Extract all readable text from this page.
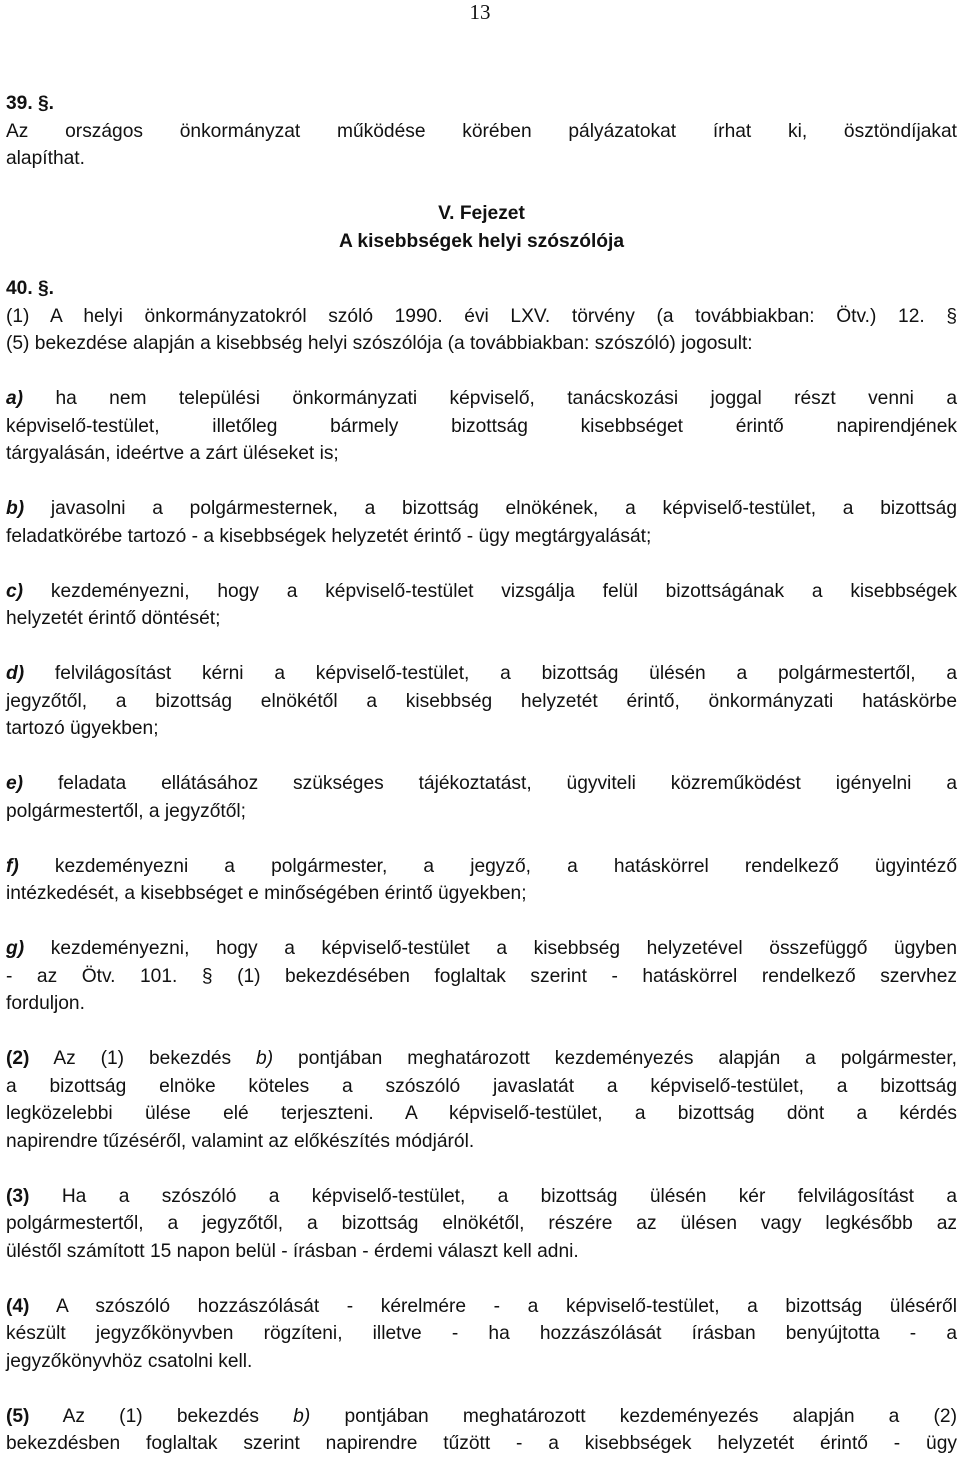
13
39. §.
Az országos önkormányzat működése körében pályázatokat írhat ki, ösztöndíjakat
alapíthat.
V. Fejezet
A kisebbségek helyi szószólója
40. §.
(1) A helyi önkormányzatokról szóló 1990. évi LXV. törvény (a továbbiakban: Ötv.) 12. §
(5) bekezdése alapján a kisebbség helyi szószólója (a továbbiakban: szószóló) jogosult:
a) ha nem települési önkormányzati képviselő, tanácskozási joggal részt venni a
képviselő-testület, illetőleg bármely bizottság kisebbséget érintő napirendjének
tárgyalásán, ideértve a zárt üléseket is;
b) javasolni a polgármesternek, a bizottság elnökének, a képviselő-testület, a bizottság
feladatkörébe tartozó - a kisebbségek helyzetét érintő - ügy megtárgyalását;
c) kezdeményezni, hogy a képviselő-testület vizsgálja felül bizottságának a kisebbségek
helyzetét érintő döntését;
d) felvilágosítást kérni a képviselő-testület, a bizottság ülésén a polgármestertől, a
jegyzőtől, a bizottság elnökétől a kisebbség helyzetét érintő, önkormányzati hatáskörbe
tartozó ügyekben;
e) feladata ellátásához szükséges tájékoztatást, ügyviteli közreműködést igényelni a
polgármestertől, a jegyzőtől;
f) kezdeményezni a polgármester, a jegyző, a hatáskörrel rendelkező ügyintéző
intézkedését, a kisebbséget e minőségében érintő ügyekben;
g) kezdeményezni, hogy a képviselő-testület a kisebbség helyzetével összefüggő ügyben
- az Ötv. 101. § (1) bekezdésében foglaltak szerint - hatáskörrel rendelkező szervhez
forduljon.
(2) Az (1) bekezdés b) pontjában meghatározott kezdeményezés alapján a polgármester,
a bizottság elnöke köteles a szószóló javaslatát a képviselő-testület, a bizottság
legközelebbi ülése elé terjeszteni. A képviselő-testület, a bizottság dönt a kérdés
napirendre tűzéséről, valamint az előkészítés módjáról.
(3) Ha a szószóló a képviselő-testület, a bizottság ülésén kér felvilágosítást a
polgármestertől, a jegyzőtől, a bizottság elnökétől, részére az ülésen vagy legkésőbb az
üléstől számított 15 napon belül - írásban - érdemi választ kell adni.
(4) A szószóló hozzászólását - kérelmére - a képviselő-testület, a bizottság üléséről
készült jegyzőkönyvben rögzíteni, illetve - ha hozzászólását írásban benyújtotta - a
jegyzőkönyvhöz csatolni kell.
(5) Az (1) bekezdés b) pontjában meghatározott kezdeményezés alapján a (2)
bekezdésben foglaltak szerint napirendre tűzött - a kisebbségek helyzetét érintő - ügy
